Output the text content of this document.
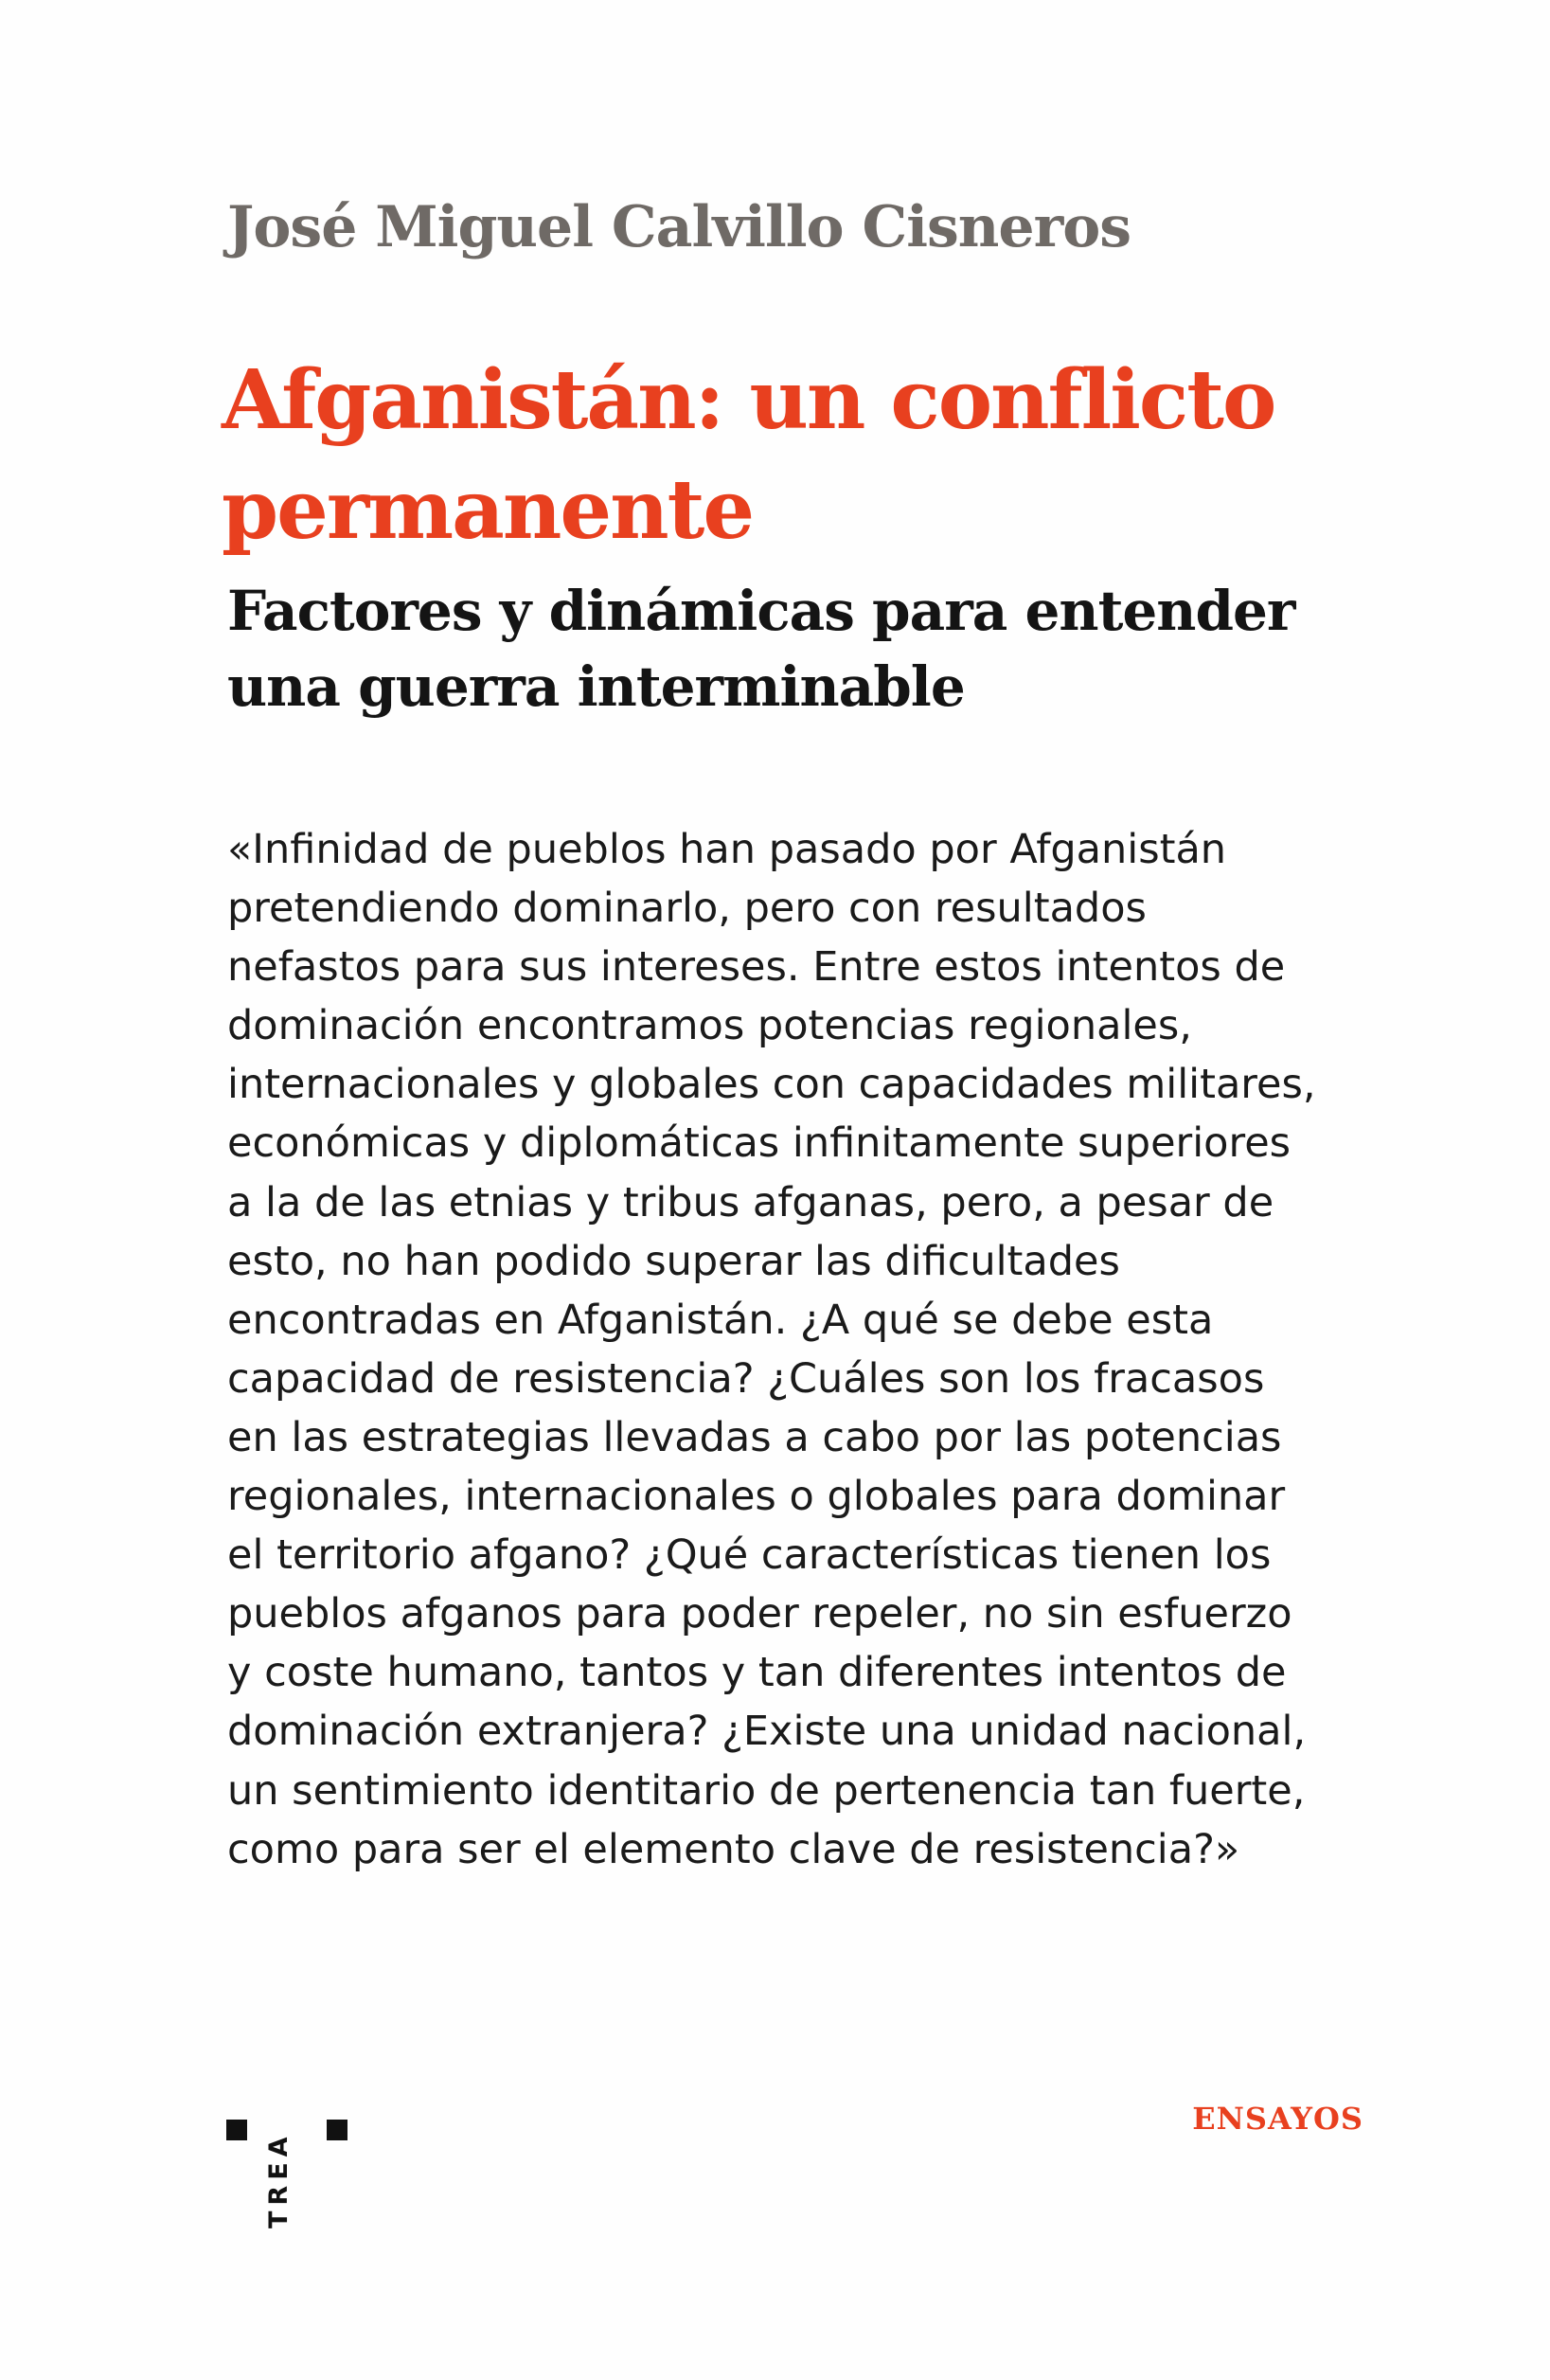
José Miguel Calvillo Cisneros
Afganistán: un conflicto
permanente
Factores y dinámicas para entender
una guerra interminable
«Infinidad de pueblos han pasado por Afganistán
pretendiendo dominarlo, pero con resultados
nefastos para sus intereses. Entre estos intentos de
dominación encontramos potencias regionales,
internacionales y globales con capacidades militares,
económicas y diplomáticas infinitamente superiores
a la de las etnias y tribus afganas, pero, a pesar de
esto, no han podido superar las dificultades
encontradas en Afganistán. ¿A qué se debe esta
capacidad de resistencia? ¿Cuáles son los fracasos
en las estrategias llevadas a cabo por las potencias
regionales, internacionales o globales para dominar
el territorio afgano? ¿Qué características tienen los
pueblos afganos para poder repeler, no sin esfuerzo
y coste humano, tantos y tan diferentes intentos de
dominación extranjera? ¿Existe una unidad nacional,
un sentimiento identitario de pertenencia tan fuerte,
como para ser el elemento clave de resistencia?»
TREA
ENSAYOS
